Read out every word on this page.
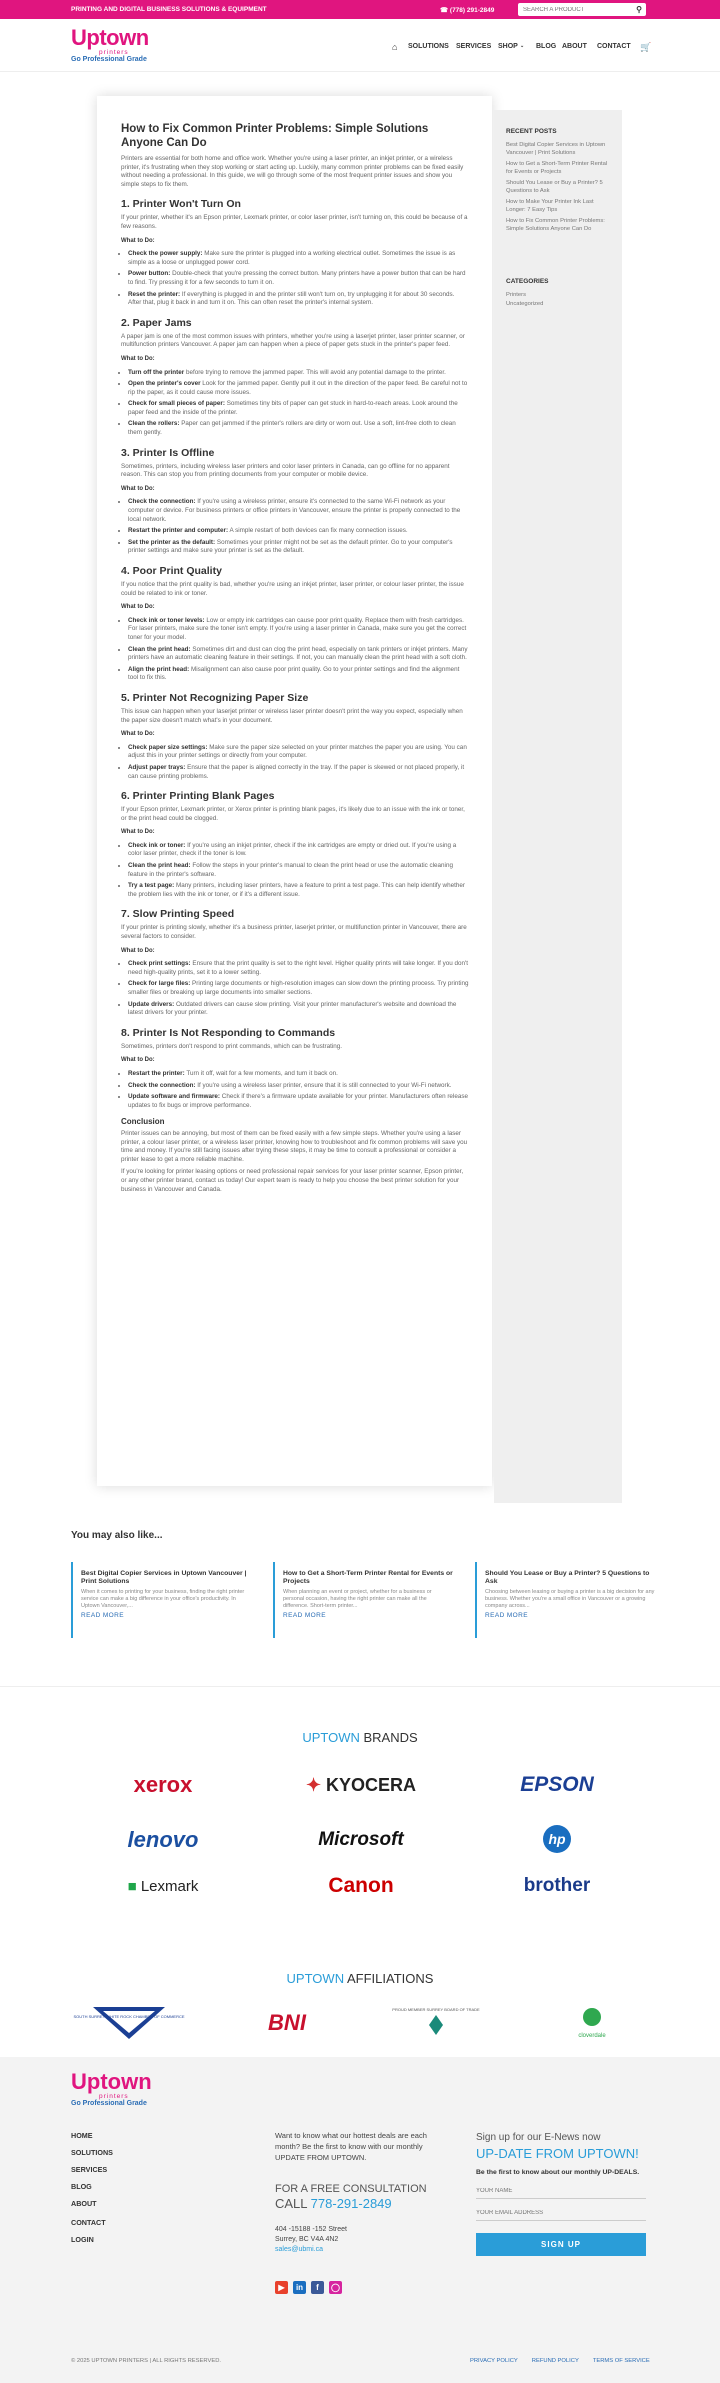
PRINTING AND DIGITAL BUSINESS SOLUTIONS & EQUIPMENT	☎ (778) 291-2849
SEARCH A PRODUCT	⚲
Uptown
printers
Go Professional Grade
⌂ SOLUTIONS SERVICES SHOP ⌄ BLOG ABOUT CONTACT 🛒
How to Fix Common Printer Problems: Simple Solutions Anyone Can Do

Printers are essential for both home and office work. Whether you're using a laser printer, an inkjet printer, or a wireless printer, it's frustrating when they stop working or start acting up. Luckily, many common printer problems can be fixed easily without needing a professional. In this guide, we will go through some of the most frequent printer issues and show you simple steps to fix them.

1. Printer Won't Turn On

If your printer, whether it's an Epson printer, Lexmark printer, or color laser printer, isn't turning on, this could be because of a few reasons.

What to Do:
• Check the power supply: Make sure the printer is plugged into a working electrical outlet. Sometimes the issue is as simple as a loose or unplugged power cord.
• Power button: Double-check that you're pressing the correct button. Many printers have a power button that can be hard to find. Try pressing it for a few seconds to turn it on.
• Reset the printer: If everything is plugged in and the printer still won't turn on, try unplugging it for about 30 seconds. After that, plug it back in and turn it on. This can often reset the printer's internal system.
2. Paper Jams

A paper jam is one of the most common issues with printers, whether you're using a laserjet printer, laser printer scanner, or multifunction printers Vancouver. A paper jam can happen when a piece of paper gets stuck in the printer's paper feed.

What to Do:
• Turn off the printer before trying to remove the jammed paper. This will avoid any potential damage to the printer.
• Open the printer's cover Look for the jammed paper. Gently pull it out in the direction of the paper feed. Be careful not to rip the paper, as it could cause more issues.
• Check for small pieces of paper: Sometimes tiny bits of paper can get stuck in hard-to-reach areas. Look around the paper feed and the inside of the printer.
• Clean the rollers: Paper can get jammed if the printer's rollers are dirty or worn out. Use a soft, lint-free cloth to clean them gently.
3. Printer Is Offline

Sometimes, printers, including wireless laser printers and color laser printers in Canada, can go offline for no apparent reason. This can stop you from printing documents from your computer or mobile device.

What to Do:
• Check the connection: If you're using a wireless printer, ensure it's connected to the same Wi-Fi network as your computer or device. For business printers or office printers in Vancouver, ensure the printer is properly connected to the local network.
• Restart the printer and computer: A simple restart of both devices can fix many connection issues.
• Set the printer as the default: Sometimes your printer might not be set as the default printer. Go to your computer's printer settings and make sure your printer is set as the default.
4. Poor Print Quality

If you notice that the print quality is bad, whether you're using an inkjet printer, laser printer, or colour laser printer, the issue could be related to ink or toner.

What to Do:
• Check ink or toner levels: Low or empty ink cartridges can cause poor print quality. Replace them with fresh cartridges. For laser printers, make sure the toner isn't empty. If you're using a laser printer in Canada, make sure you get the correct toner for your model.
• Clean the print head: Sometimes dirt and dust can clog the print head, especially on tank printers or inkjet printers. Many printers have an automatic cleaning feature in their settings. If not, you can manually clean the print head with a soft cloth.
• Align the print head: Misalignment can also cause poor print quality. Go to your printer settings and find the alignment tool to fix this.
5. Printer Not Recognizing Paper Size

This issue can happen when your laserjet printer or wireless laser printer doesn't print the way you expect, especially when the paper size doesn't match what's in your document.

What to Do:
• Check paper size settings: Make sure the paper size selected on your printer matches the paper you are using. You can adjust this in your printer settings or directly from your computer.
• Adjust paper trays: Ensure that the paper is aligned correctly in the tray. If the paper is skewed or not placed properly, it can cause printing problems.
6. Printer Printing Blank Pages

If your Epson printer, Lexmark printer, or Xerox printer is printing blank pages, it's likely due to an issue with the ink or toner, or the print head could be clogged.

What to Do:
• Check ink or toner: If you're using an inkjet printer, check if the ink cartridges are empty or dried out. If you're using a color laser printer, check if the toner is low.
• Clean the print head: Follow the steps in your printer's manual to clean the print head or use the automatic cleaning feature in the printer's software.
• Try a test page: Many printers, including laser printers, have a feature to print a test page. This can help identify whether the problem lies with the ink or toner, or if it's a different issue.
7. Slow Printing Speed

If your printer is printing slowly, whether it's a business printer, laserjet printer, or multifunction printer in Vancouver, there are several factors to consider.

What to Do:
• Check print settings: Ensure that the print quality is set to the right level. Higher quality prints will take longer. If you don't need high-quality prints, set it to a lower setting.
• Check for large files: Printing large documents or high-resolution images can slow down the printing process. Try printing smaller files or breaking up large documents into smaller sections.
• Update drivers: Outdated drivers can cause slow printing. Visit your printer manufacturer's website and download the latest drivers for your printer.
8. Printer Is Not Responding to Commands

Sometimes, printers don't respond to print commands, which can be frustrating.

What to Do:
• Restart the printer: Turn it off, wait for a few moments, and turn it back on.
• Check the connection: If you're using a wireless laser printer, ensure that it is still connected to your Wi-Fi network.
• Update software and firmware: Check if there's a firmware update available for your printer. Manufacturers often release updates to fix bugs or improve performance.
Conclusion

Printer issues can be annoying, but most of them can be fixed easily with a few simple steps. Whether you're using a laser printer, a colour laser printer, or a wireless laser printer, knowing how to troubleshoot and fix common problems will save you time and money. If you're still facing issues after trying these steps, it may be time to consult a professional or consider a printer lease to get a more reliable machine.

If you're looking for printer leasing options or need professional repair services for your laser printer scanner, Epson printer, or any other printer brand, contact us today! Our expert team is ready to help you choose the best printer solution for your business in Vancouver and Canada.

RECENT POSTS
Best Digital Copier Services in Uptown Vancouver | Print Solutions
How to Get a Short-Term Printer Rental for Events or Projects
Should You Lease or Buy a Printer? 5 Questions to Ask
How to Make Your Printer Ink Last Longer: 7 Easy Tips
How to Fix Common Printer Problems: Simple Solutions Anyone Can Do
CATEGORIES
Printers
Uncategorized
You may also like...
Best Digital Copier Services in Uptown Vancouver | Print Solutions
When it comes to printing for your business, finding the right printer service can make a big difference in your office's productivity. In Uptown Vancouver,...
READ MORE
How to Get a Short-Term Printer Rental for Events or Projects
When planning an event or project, whether for a business or personal occasion, having the right printer can make all the difference. Short-term printer...
READ MORE
Should You Lease or Buy a Printer? 5 Questions to Ask
Choosing between leasing or buying a printer is a big decision for any business. Whether you're a small office in Vancouver or a growing company across...
READ MORE
UPTOWN BRANDS
xerox	✦ KYOCERA	EPSON
lenovo	Microsoft	hp
■ Lexmark	Canon	brother
UPTOWN AFFILIATIONS
SOUTH SURREY WHITE ROCK CHAMBER OF COMMERCE	BNI
PROUD MEMBER SURREY BOARD OF TRADE
cloverdale
Uptown
printers
Go Professional Grade
HOME
SOLUTIONS
SERVICES
BLOG
ABOUT
CONTACT
LOGIN
Want to know what our hottest deals are each month? Be the first to know with our monthly UPDATE FROM UPTOWN.
FOR A FREE CONSULTATION
CALL 778-291-2849
404 -15188 -152 Street
Surrey, BC V4A 4N2
sales@ubmi.ca
Sign up for our E-News now
UP-DATE FROM UPTOWN!
Be the first to know about our monthly UP-DEALS.
YOUR NAME
YOUR EMAIL ADDRESS
SIGN UP
▶ in f ◯
© 2025 UPTOWN PRINTERS | ALL RIGHTS RESERVED.	PRIVACY POLICY REFUND POLICY TERMS OF SERVICE
